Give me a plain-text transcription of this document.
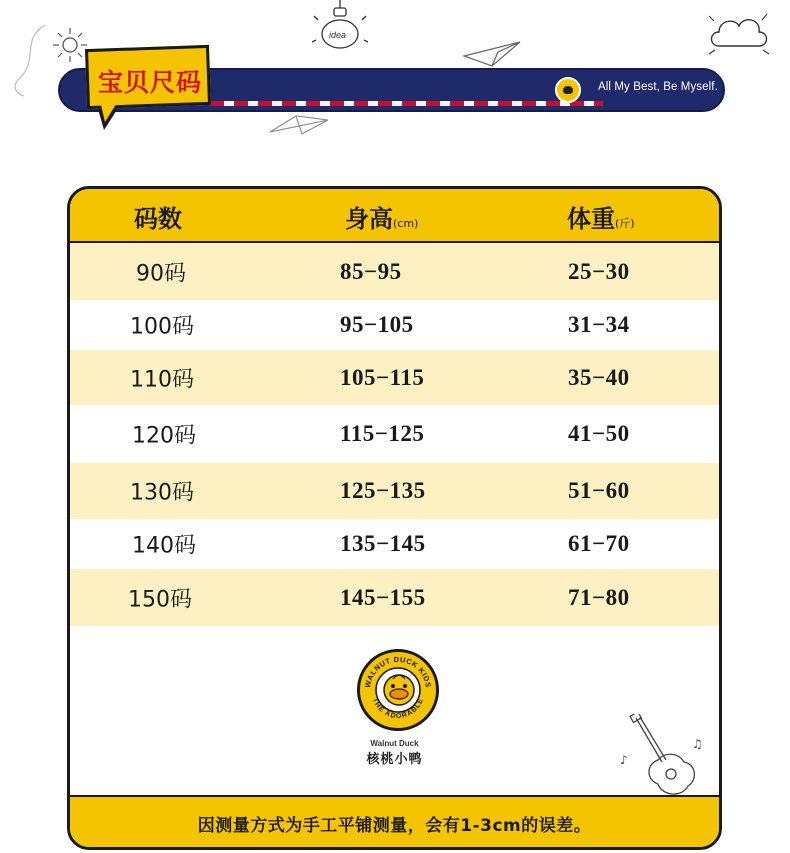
idea
All My Best, Be Myself.
宝贝尺码
码数	身高(cm)	体重(斤)
90码	85−95	25−30
100码	95−105	31−34
110码	105−115	35−40
120码	115−125	41−50
130码	125−135	51−60
140码	135−145	61−70
150码	145−155	71−80
WALNUT DUCK KIDS
THE ADORABLE
Walnut Duck
核桃小鸭	♪
♫
因测量方式为手工平铺测量，会有1-3cm的误差。
